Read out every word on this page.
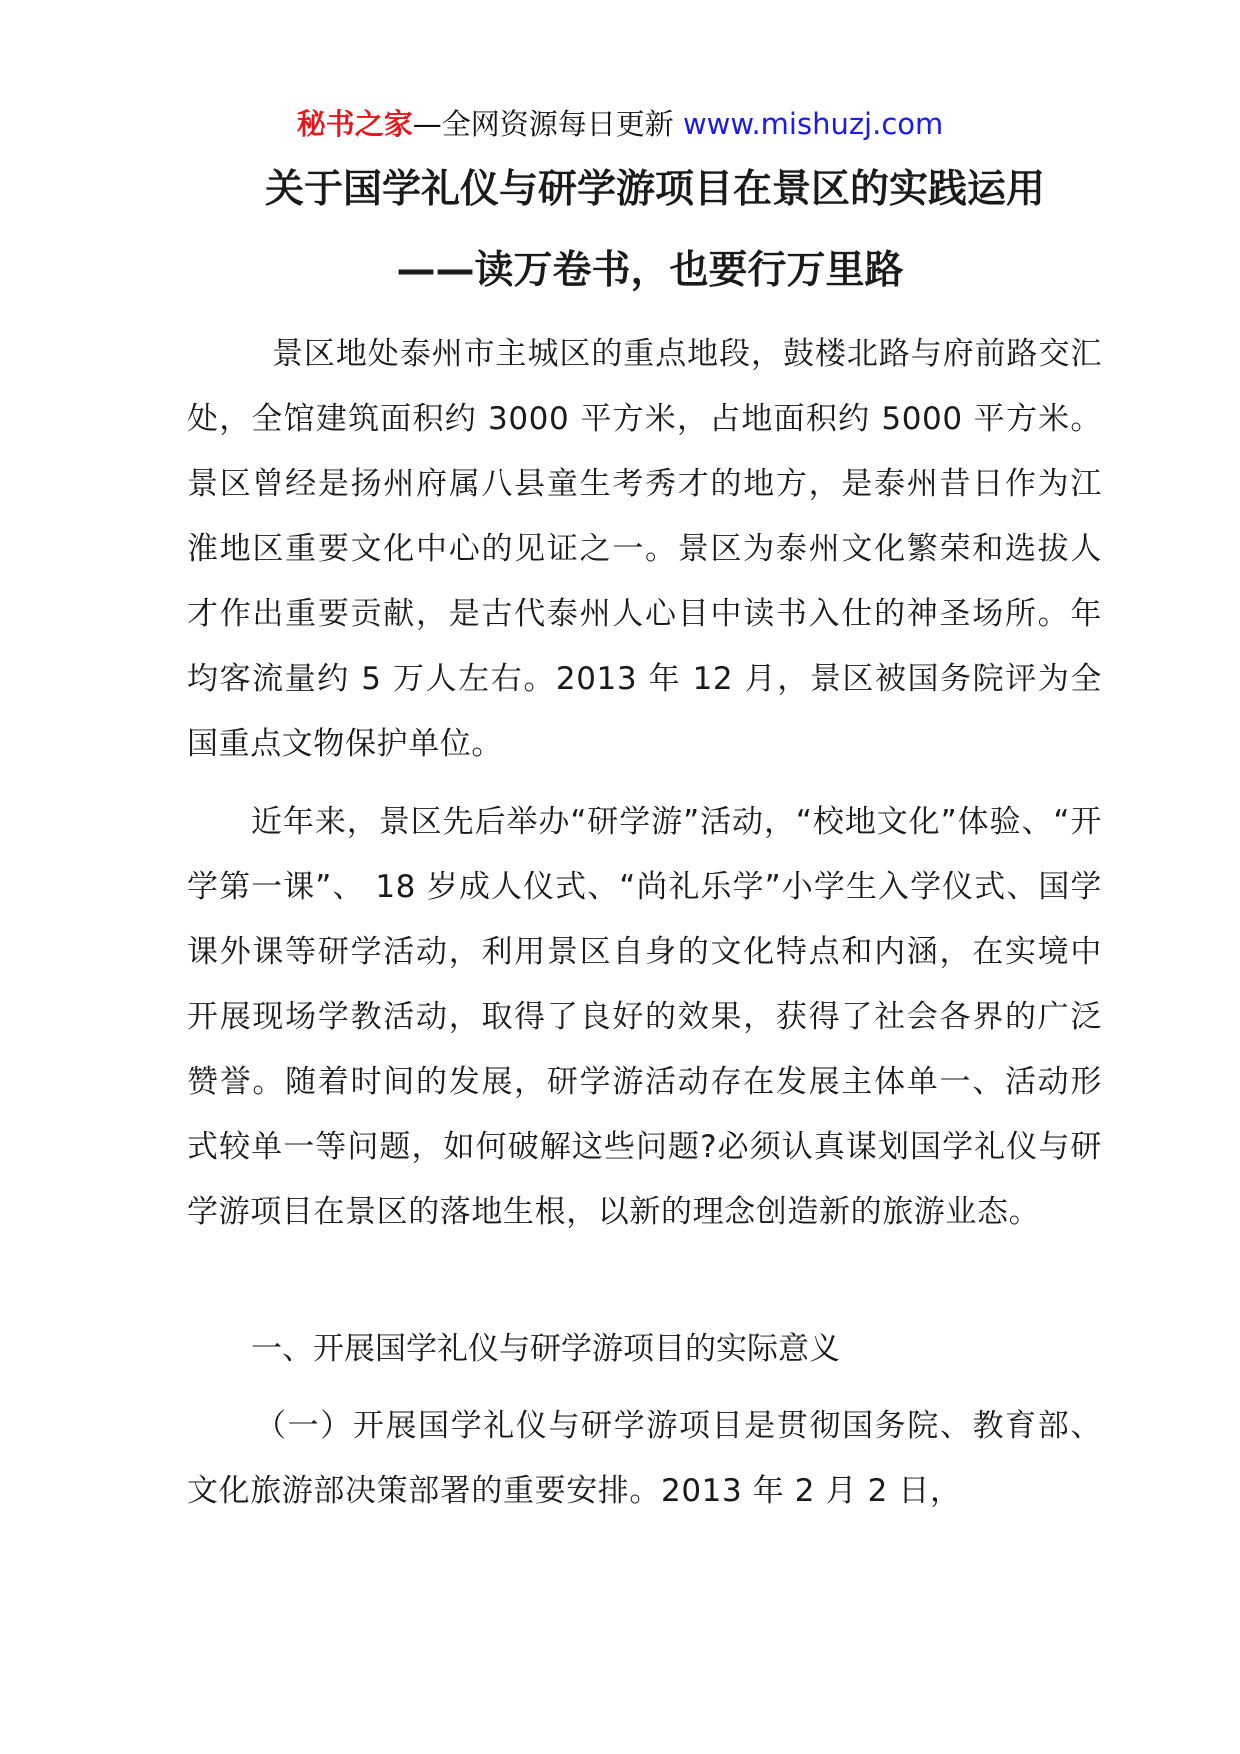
秘书之家—全网资源每日更新 www.mishuzj.com
关于国学礼仪与研学游项目在景区的实践运用
——读万卷书，也要行万里路
景区地处泰州市主城区的重点地段，鼓楼北路与府前路交汇处，全馆建筑面积约 3000 平方米，占地面积约 5000 平方米。景区曾经是扬州府属八县童生考秀才的地方，是泰州昔日作为江淮地区重要文化中心的见证之一。景区为泰州文化繁荣和选拔人才作出重要贡献，是古代泰州人心目中读书入仕的神圣场所。年均客流量约 5 万人左右。2013 年 12 月，景区被国务院评为全国重点文物保护单位。
近年来，景区先后举办“研学游”活动，“校地文化”体验、“开学第一课”、 18 岁成人仪式、“尚礼乐学”小学生入学仪式、国学课外课等研学活动，利用景区自身的文化特点和内涵，在实境中开展现场学教活动，取得了良好的效果，获得了社会各界的广泛赞誉。随着时间的发展，研学游活动存在发展主体单一、活动形式较单一等问题，如何破解这些问题?必须认真谋划国学礼仪与研学游项目在景区的落地生根，以新的理念创造新的旅游业态。
一、开展国学礼仪与研学游项目的实际意义
（一）开展国学礼仪与研学游项目是贯彻国务院、教育部、文化旅游部决策部署的重要安排。2013 年 2 月 2 日，
